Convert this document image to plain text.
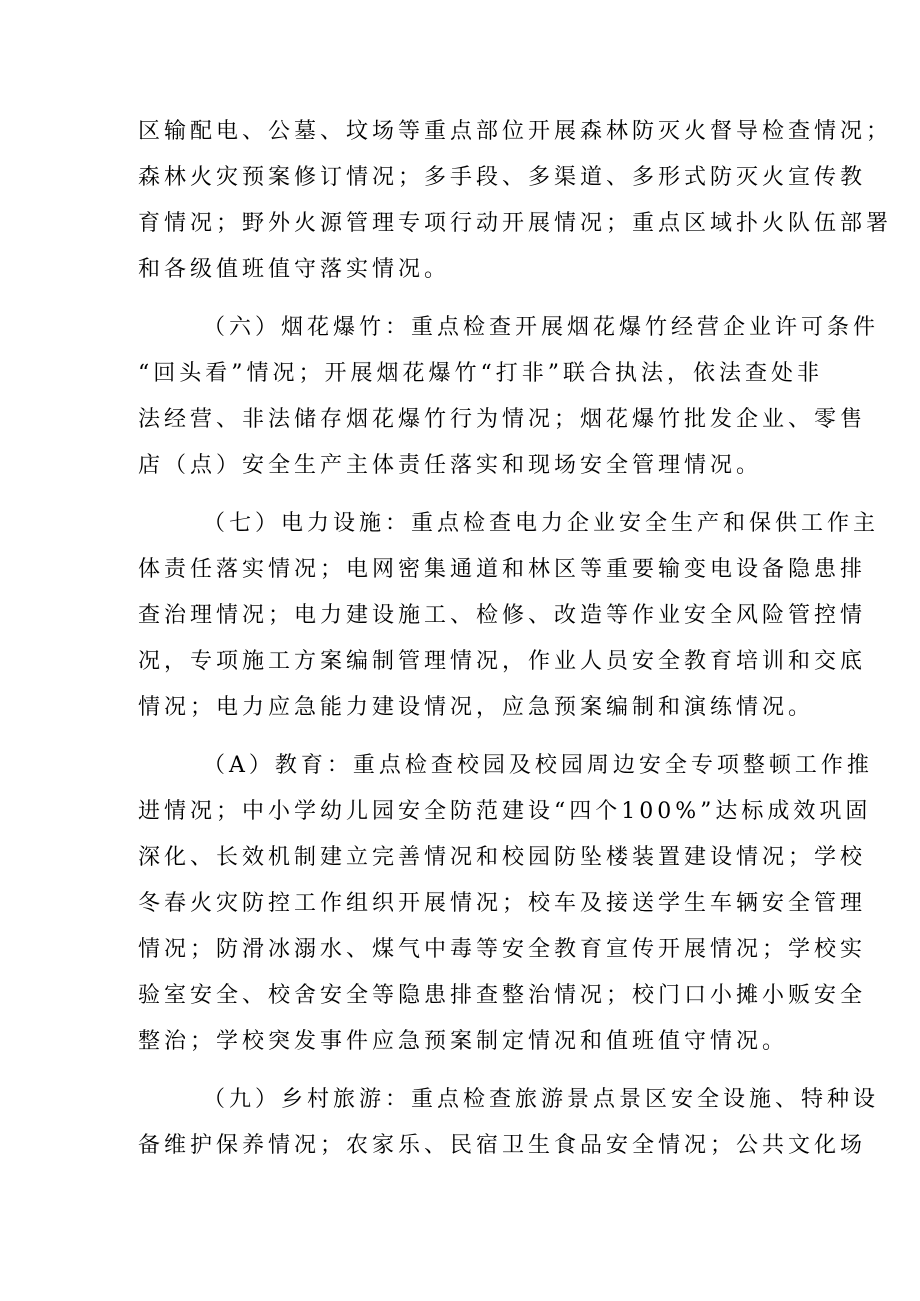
区输配电、公墓、坟场等重点部位开展森林防灭火督导检查情况；
森林火灾预案修订情况；多手段、多渠道、多形式防灭火宣传教
育情况；野外火源管理专项行动开展情况；重点区域扑火队伍部署
和各级值班值守落实情况。
（六）烟花爆竹：重点检查开展烟花爆竹经营企业许可条件
“回头看”情况；开展烟花爆竹“打非”联合执法，依法查处非
法经营、非法储存烟花爆竹行为情况；烟花爆竹批发企业、零售
店（点）安全生产主体责任落实和现场安全管理情况。
（七）电力设施：重点检查电力企业安全生产和保供工作主
体责任落实情况；电网密集通道和林区等重要输变电设备隐患排
查治理情况；电力建设施工、检修、改造等作业安全风险管控情
况，专项施工方案编制管理情况，作业人员安全教育培训和交底
情况；电力应急能力建设情况，应急预案编制和演练情况。
（A）教育：重点检查校园及校园周边安全专项整顿工作推
进情况；中小学幼儿园安全防范建设“四个100%”达标成效巩固
深化、长效机制建立完善情况和校园防坠楼装置建设情况；学校
冬春火灾防控工作组织开展情况；校车及接送学生车辆安全管理
情况；防滑冰溺水、煤气中毒等安全教育宣传开展情况；学校实
验室安全、校舍安全等隐患排查整治情况；校门口小摊小贩安全
整治；学校突发事件应急预案制定情况和值班值守情况。
（九）乡村旅游：重点检查旅游景点景区安全设施、特种设
备维护保养情况；农家乐、民宿卫生食品安全情况；公共文化场
